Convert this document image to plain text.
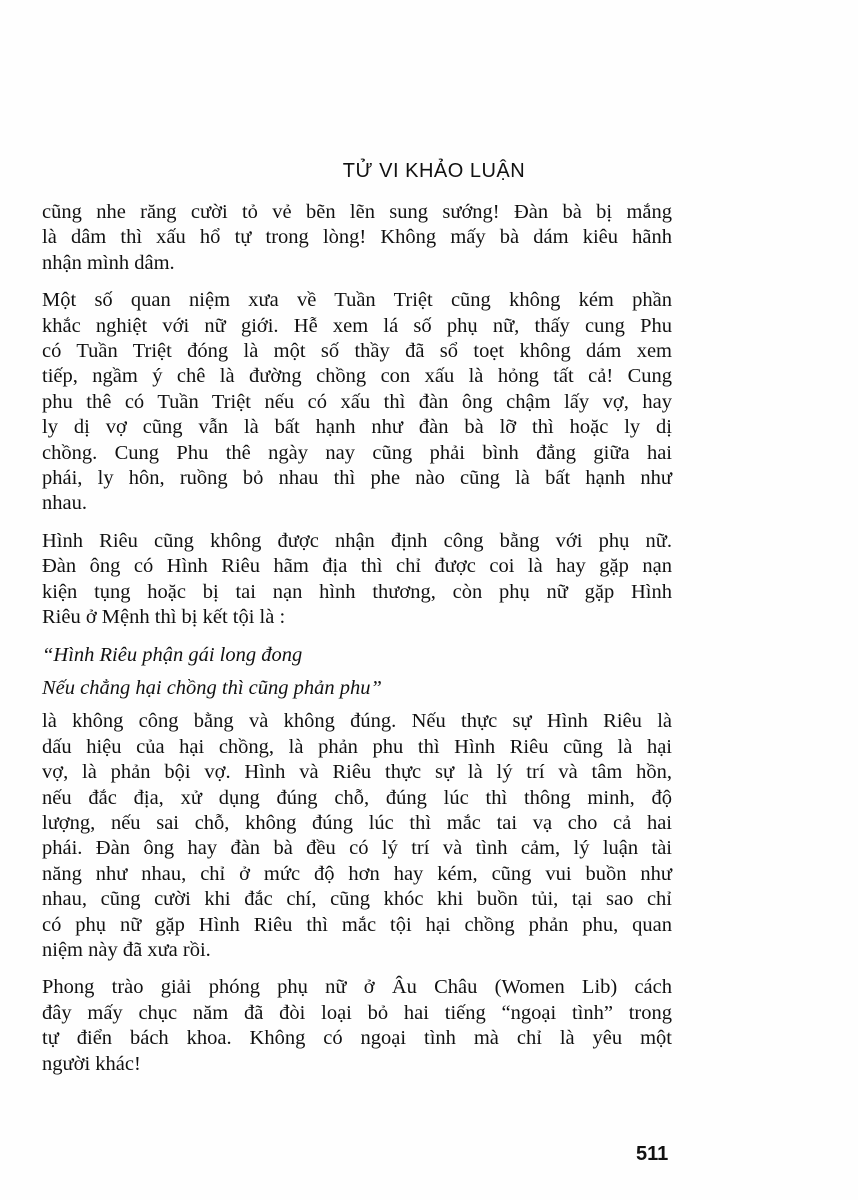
TỬ VI KHẢO LUẬN
cũng nhe răng cười tỏ vẻ bẽn lẽn sung sướng! Đàn bà bị mắng
là dâm thì xấu hổ tự trong lòng! Không mấy bà dám kiêu hãnh
nhận mình dâm.
Một số quan niệm xưa về Tuần Triệt cũng không kém phần
khắc nghiệt với nữ giới. Hễ xem lá số phụ nữ, thấy cung Phu
có Tuần Triệt đóng là một số thầy đã sổ toẹt không dám xem
tiếp, ngầm ý chê là đường chồng con xấu là hỏng tất cả! Cung
phu thê có Tuần Triệt nếu có xấu thì đàn ông chậm lấy vợ, hay
ly dị vợ cũng vẫn là bất hạnh như đàn bà lỡ thì hoặc ly dị
chồng. Cung Phu thê ngày nay cũng phải bình đẳng giữa hai
phái, ly hôn, ruồng bỏ nhau thì phe nào cũng là bất hạnh như
nhau.
Hình Riêu cũng không được nhận định công bằng với phụ nữ.
Đàn ông có Hình Riêu hãm địa thì chỉ được coi là hay gặp nạn
kiện tụng hoặc bị tai nạn hình thương, còn phụ nữ gặp Hình
Riêu ở Mệnh thì bị kết tội là :
“Hình Riêu phận gái long đong
Nếu chẳng hại chồng thì cũng phản phu”
là không công bằng và không đúng. Nếu thực sự Hình Riêu là
dấu hiệu của hại chồng, là phản phu thì Hình Riêu cũng là hại
vợ, là phản bội vợ. Hình và Riêu thực sự là lý trí và tâm hồn,
nếu đắc địa, xử dụng đúng chỗ, đúng lúc thì thông minh, độ
lượng, nếu sai chỗ, không đúng lúc thì mắc tai vạ cho cả hai
phái. Đàn ông hay đàn bà đều có lý trí và tình cảm, lý luận tài
năng như nhau, chỉ ở mức độ hơn hay kém, cũng vui buồn như
nhau, cũng cười khi đắc chí, cũng khóc khi buồn tủi, tại sao chỉ
có phụ nữ gặp Hình Riêu thì mắc tội hại chồng phản phu, quan
niệm này đã xưa rồi.
Phong trào giải phóng phụ nữ ở Âu Châu (Women Lib) cách
đây mấy chục năm đã đòi loại bỏ hai tiếng “ngoại tình” trong
tự điển bách khoa. Không có ngoại tình mà chỉ là yêu một
người khác!
511
